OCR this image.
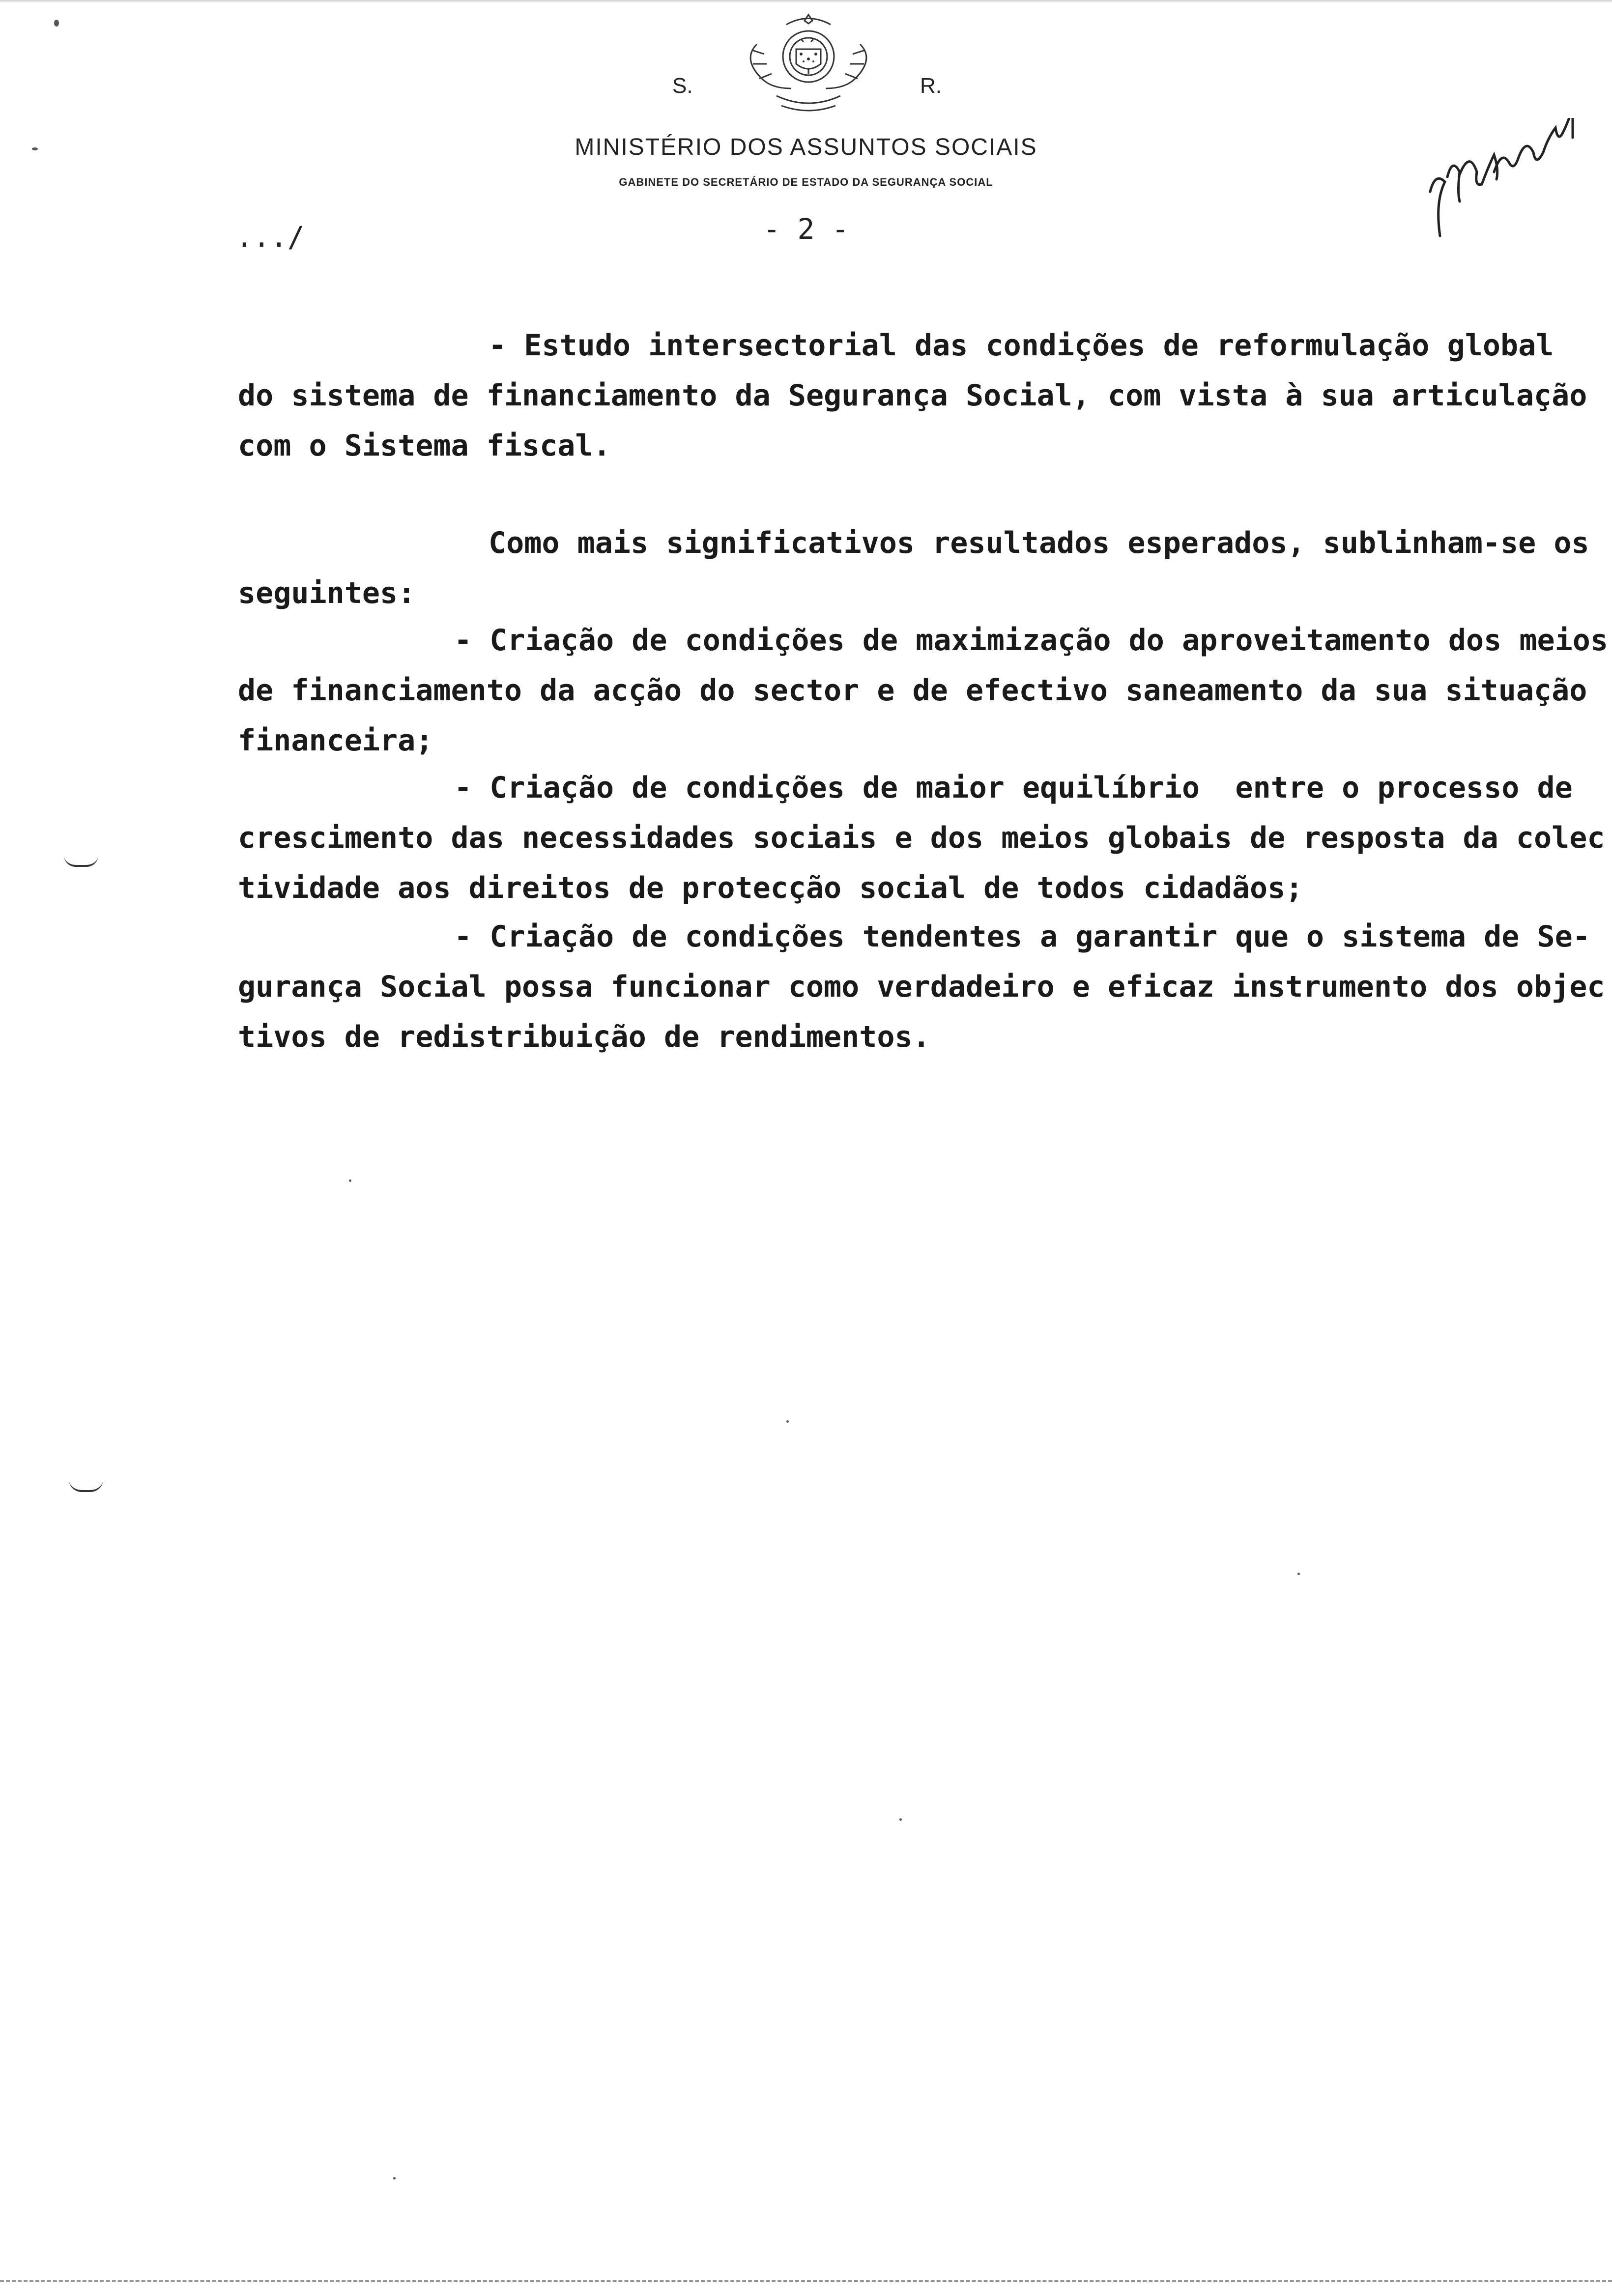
S.	R.
MINISTÉRIO DOS ASSUNTOS SOCIAIS
GABINETE DO SECRETÁRIO DE ESTADO DA SEGURANÇA SOCIAL
.../	- 2 -
- Estudo intersectorial das condições de reformulação global
do sistema de financiamento da Segurança Social, com vista à sua articulação
com o Sistema fiscal.
Como mais significativos resultados esperados, sublinham-se os
seguintes:
- Criação de condições de maximização do aproveitamento dos meios
de financiamento da acção do sector e de efectivo saneamento da sua situação
financeira;
- Criação de condições de maior equilíbrio  entre o processo de
crescimento das necessidades sociais e dos meios globais de resposta da colec
tividade aos direitos de protecção social de todos cidadãos;
- Criação de condições tendentes a garantir que o sistema de Se-
gurança Social possa funcionar como verdadeiro e eficaz instrumento dos objec
tivos de redistribuição de rendimentos.
